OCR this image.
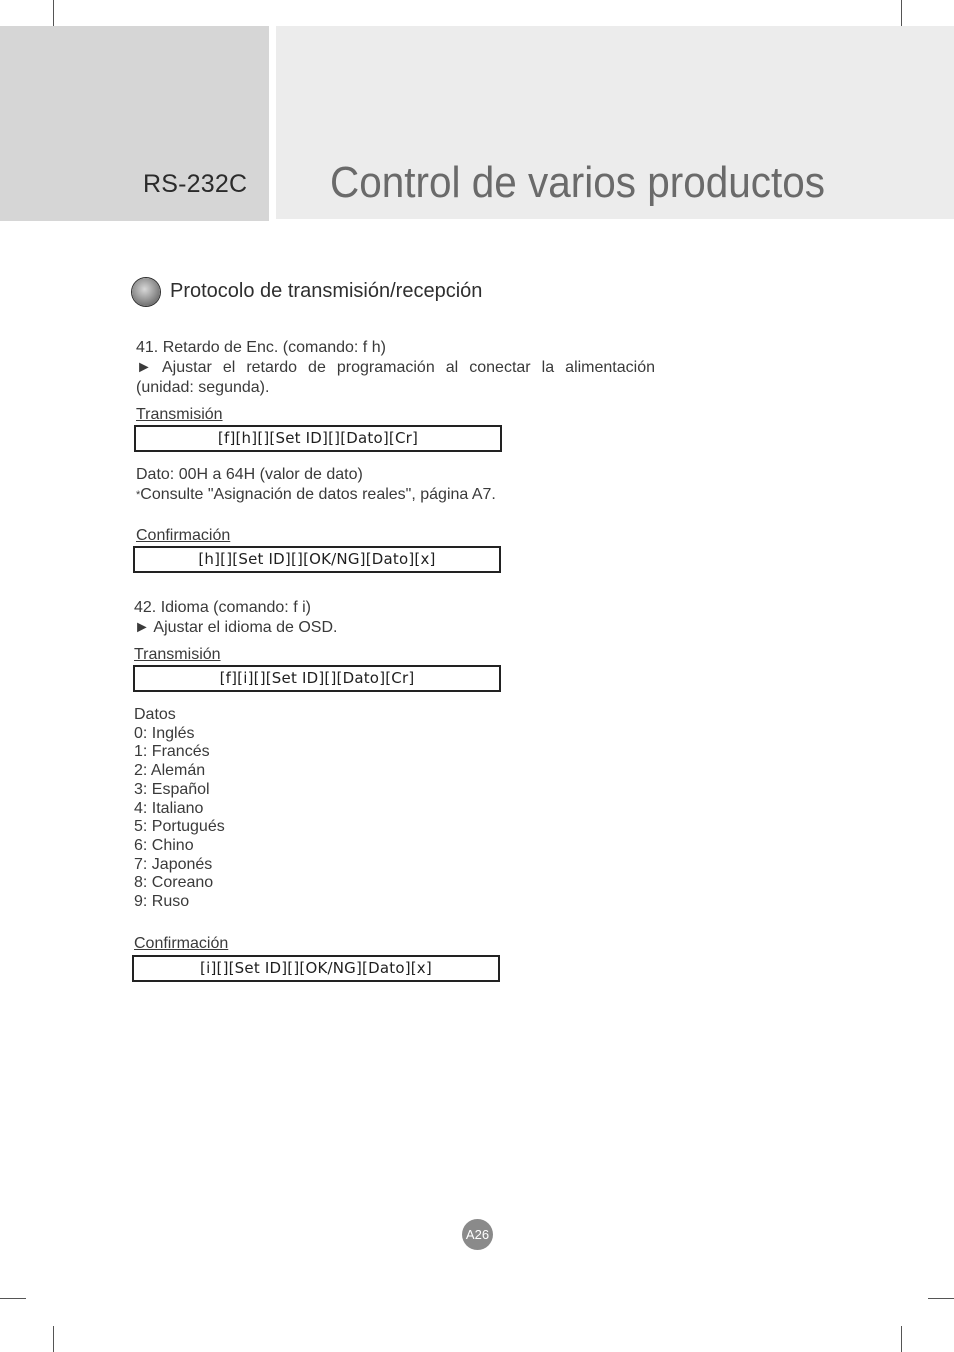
RS-232C Control de varios productos
Protocolo de transmisión/recepción
41. Retardo de Enc. (comando: f h)
► Ajustar el retardo de programación al conectar la alimentación
(unidad: segunda).
Transmisión
[f][h][][Set ID][][Dato][Cr]
Dato: 00H a 64H (valor de dato)
*Consulte "Asignación de datos reales", página A7.
Confirmación
[h][][Set ID][][OK/NG][Dato][x]
42. Idioma (comando: f i)
► Ajustar el idioma de OSD.
Transmisión
[f][i][][Set ID][][Dato][Cr]
Datos
0: Inglés
1: Francés
2: Alemán
3: Español
4: Italiano
5: Portugués
6: Chino
7: Japonés
8: Coreano
9: Ruso
Confirmación
[i][][Set ID][][OK/NG][Dato][x]
A26
